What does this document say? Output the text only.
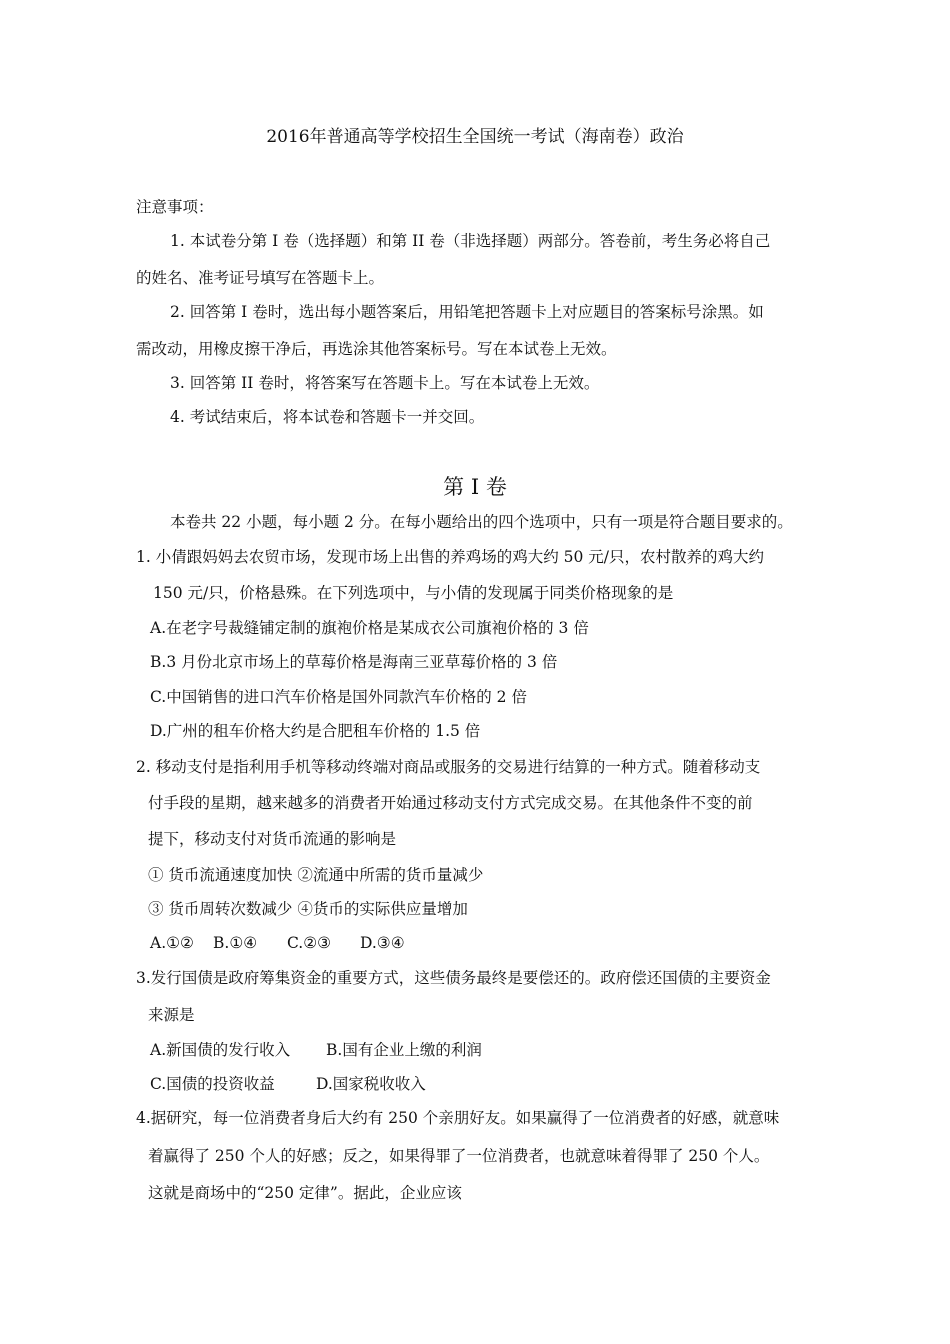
2016年普通高等学校招生全国统一考试（海南卷）政治
注意事项：
1. 本试卷分第 I 卷（选择题）和第 II 卷（非选择题）两部分。答卷前，考生务必将自己
的姓名、准考证号填写在答题卡上。
2. 回答第 I 卷时，选出每小题答案后，用铅笔把答题卡上对应题目的答案标号涂黑。如
需改动，用橡皮擦干净后，再选涂其他答案标号。写在本试卷上无效。
3. 回答第 II 卷时，将答案写在答题卡上。写在本试卷上无效。
4. 考试结束后，将本试卷和答题卡一并交回。
第 I 卷
本卷共 22 小题，每小题 2 分。在每小题给出的四个选项中，只有一项是符合题目要求的。
1. 小倩跟妈妈去农贸市场，发现市场上出售的养鸡场的鸡大约 50 元/只，农村散养的鸡大约
150 元/只，价格悬殊。在下列选项中，与小倩的发现属于同类价格现象的是
A.在老字号裁缝铺定制的旗袍价格是某成衣公司旗袍价格的 3 倍
B.3 月份北京市场上的草莓价格是海南三亚草莓价格的 3 倍
C.中国销售的进口汽车价格是国外同款汽车价格的 2 倍
D.广州的租车价格大约是合肥租车价格的 1.5 倍
2. 移动支付是指利用手机等移动终端对商品或服务的交易进行结算的一种方式。随着移动支
付手段的星期，越来越多的消费者开始通过移动支付方式完成交易。在其他条件不变的前
提下，移动支付对货币流通的影响是
① 货币流通速度加快 ②流通中所需的货币量减少
③ 货币周转次数减少 ④货币的实际供应量增加
A.①② B.①④ C.②③ D.③④
3.发行国债是政府筹集资金的重要方式，这些债务最终是要偿还的。政府偿还国债的主要资金
来源是
A.新国债的发行收入 B.国有企业上缴的利润
C.国债的投资收益	D.国家税收收入
4.据研究，每一位消费者身后大约有 250 个亲朋好友。如果赢得了一位消费者的好感，就意味
着赢得了 250 个人的好感；反之，如果得罪了一位消费者，也就意味着得罪了 250 个人。
这就是商场中的“250 定律”。据此，企业应该
